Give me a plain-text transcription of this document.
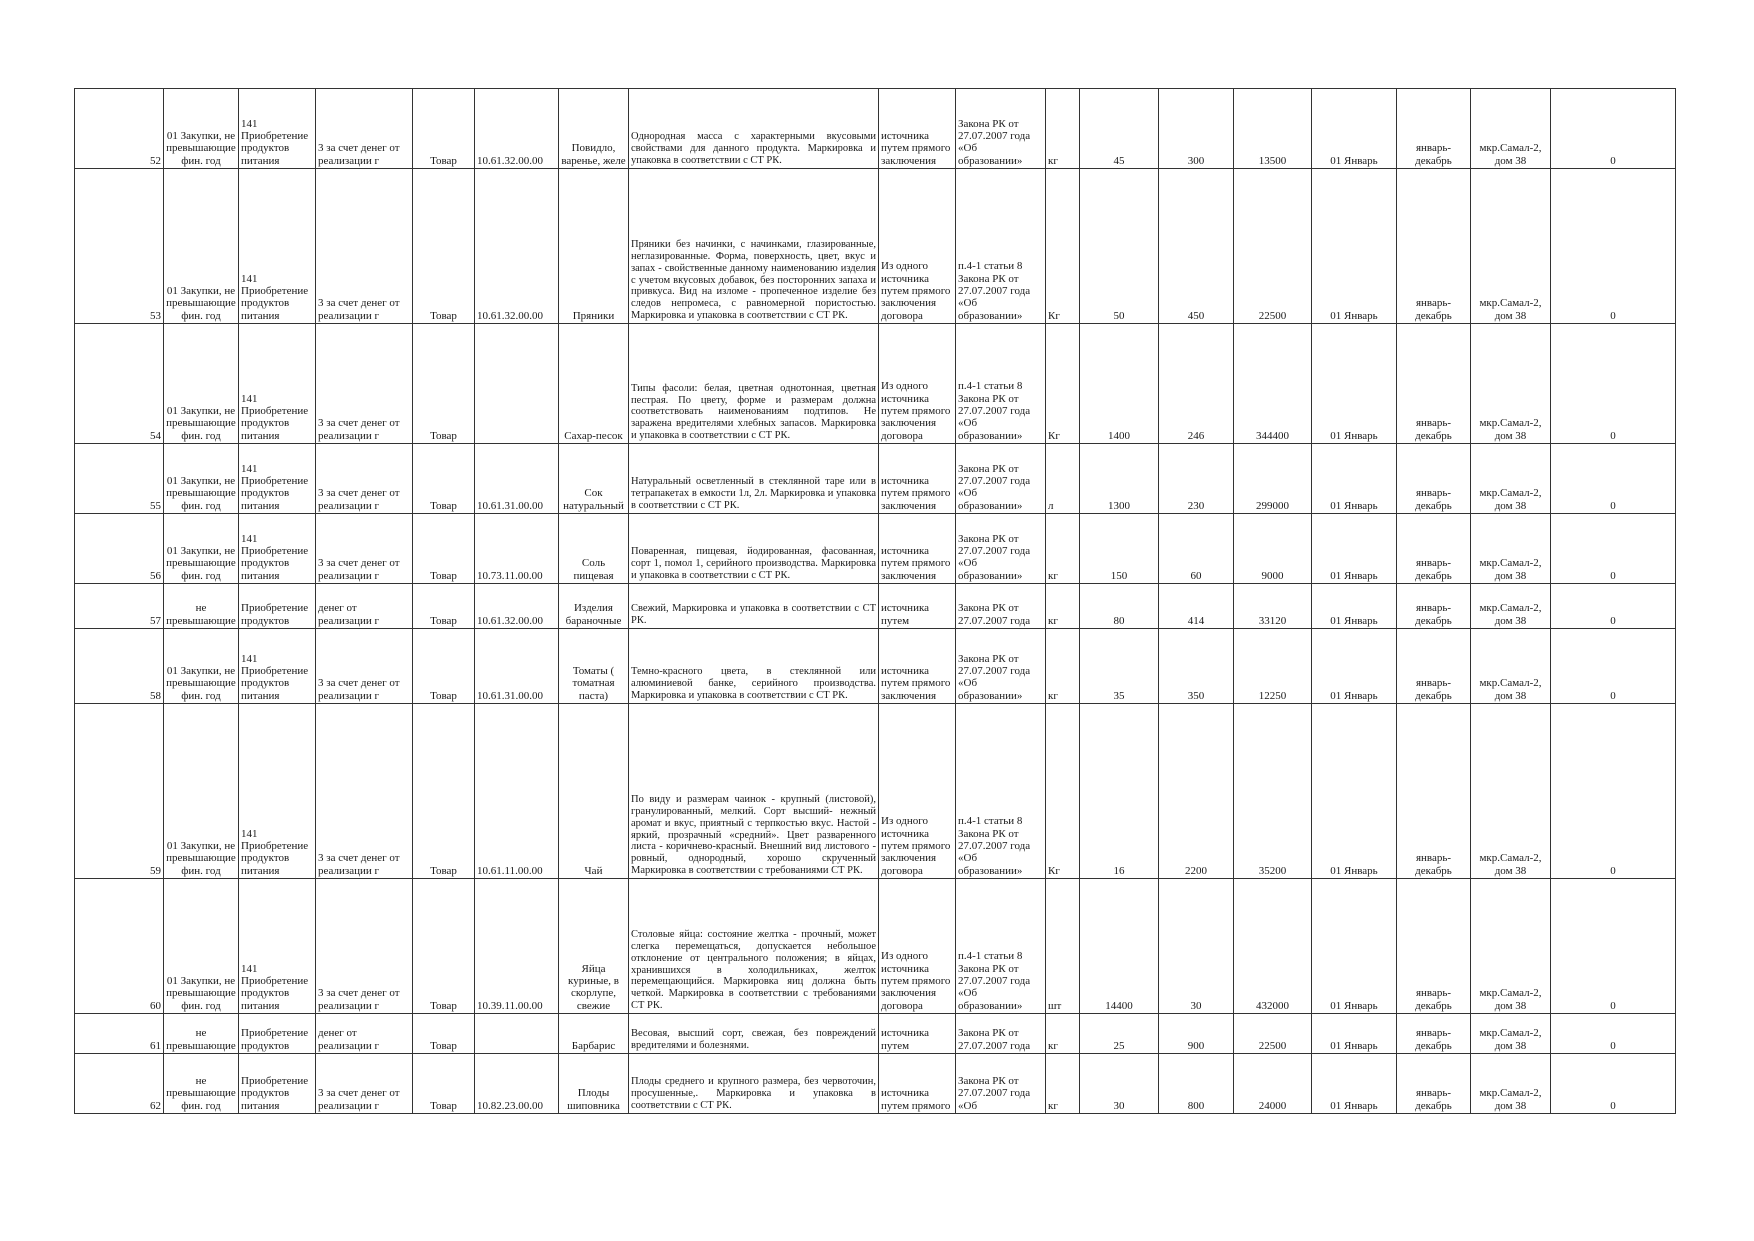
52	01 Закупки, не превышающие фин. год	141 Приобретение продуктов питания	3 за счет денег от реализации г	Товар	10.61.32.00.00	Повидло, варенье, желе	Однородная масса с характерными вкусовыми свойствами для данного продукта. Маркировка и упаковка в соответствии с СТ РК.	источника путем прямого заключения	Закона РК от 27.07.2007 года «Об образовании»	кг	45	300	13500	01 Январь	январь-декабрь	мкр.Самал-2, дом 38	0
53	01 Закупки, не превышающие фин. год	141 Приобретение продуктов питания	3 за счет денег от реализации г	Товар	10.61.32.00.00	Пряники	Пряники без начинки, с начинками, глазированные, неглазированные. Форма, поверхность, цвет, вкус и запах - свойственные данному наименованию изделия с учетом вкусовых добавок, без посторонних запаха и привкуса. Вид на изломе - пропеченное изделие без следов непромеса, с равномерной пористостью. Маркировка и упаковка в соответствии с СТ РК.	Из одного источника путем прямого заключения договора	п.4-1 статьи 8 Закона РК от 27.07.2007 года «Об образовании»	Кг	50	450	22500	01 Январь	январь-декабрь	мкр.Самал-2, дом 38	0
54	01 Закупки, не превышающие фин. год	141 Приобретение продуктов питания	3 за счет денег от реализации г	Товар		Сахар-песок	Типы фасоли: белая, цветная однотонная, цветная пестрая. По цвету, форме и размерам должна соответствовать наименованиям подтипов. Не заражена вредителями хлебных запасов. Маркировка и упаковка в соответствии с СТ РК.	Из одного источника путем прямого заключения договора	п.4-1 статьи 8 Закона РК от 27.07.2007 года «Об образовании»	Кг	1400	246	344400	01 Январь	январь-декабрь	мкр.Самал-2, дом 38	0
55	01 Закупки, не превышающие фин. год	141 Приобретение продуктов питания	3 за счет денег от реализации г	Товар	10.61.31.00.00	Сок натуральный	Натуральный осветленный в стеклянной таре или в тетрапакетах в емкости 1л, 2л. Маркировка и упаковка в соответствии с СТ РК.	источника путем прямого заключения	Закона РК от 27.07.2007 года «Об образовании»	л	1300	230	299000	01 Январь	январь-декабрь	мкр.Самал-2, дом 38	0
56	01 Закупки, не превышающие фин. год	141 Приобретение продуктов питания	3 за счет денег от реализации г	Товар	10.73.11.00.00	Соль пищевая	Поваренная, пищевая, йодированная, фасованная, сорт 1, помол 1, серийного производства. Маркировка и упаковка в соответствии с СТ РК.	источника путем прямого заключения	Закона РК от 27.07.2007 года «Об образовании»	кг	150	60	9000	01 Январь	январь-декабрь	мкр.Самал-2, дом 38	0
57	не превышающие	Приобретение продуктов	денег от реализации г	Товар	10.61.32.00.00	Изделия бараночные	Свежий, Маркировка и упаковка в соответствии с СТ РК.	источника путем	Закона РК от 27.07.2007 года	кг	80	414	33120	01 Январь	январь-декабрь	мкр.Самал-2, дом 38	0
58	01 Закупки, не превышающие фин. год	141 Приобретение продуктов питания	3 за счет денег от реализации г	Товар	10.61.31.00.00	Томаты ( томатная паста)	Темно-красного цвета, в стеклянной или алюминиевой банке, серийного производства. Маркировка и упаковка в соответствии с СТ РК.	источника путем прямого заключения	Закона РК от 27.07.2007 года «Об образовании»	кг	35	350	12250	01 Январь	январь-декабрь	мкр.Самал-2, дом 38	0
59	01 Закупки, не превышающие фин. год	141 Приобретение продуктов питания	3 за счет денег от реализации г	Товар	10.61.11.00.00	Чай	По виду и размерам чаинок - крупный (листовой), гранулированный, мелкий. Сорт высший- нежный аромат и вкус, приятный с терпкостью вкус. Настой - яркий, прозрачный «средний». Цвет разваренного листа - коричнево-красный. Внешний вид листового - ровный, однородный, хорошо скрученный Маркировка в соответствии с требованиями СТ РК.	Из одного источника путем прямого заключения договора	п.4-1 статьи 8 Закона РК от 27.07.2007 года «Об образовании»	Кг	16	2200	35200	01 Январь	январь-декабрь	мкр.Самал-2, дом 38	0
60	01 Закупки, не превышающие фин. год	141 Приобретение продуктов питания	3 за счет денег от реализации г	Товар	10.39.11.00.00	Яйца куриные, в скорлупе, свежие	Столовые яйца: состояние желтка - прочный, может слегка перемещаться, допускается небольшое отклонение от центрального положения; в яйцах, хранившихся в холодильниках, желток перемещающийся. Маркировка яиц должна быть четкой. Маркировка в соответствии с требованиями СТ РК.	Из одного источника путем прямого заключения договора	п.4-1 статьи 8 Закона РК от 27.07.2007 года «Об образовании»	шт	14400	30	432000	01 Январь	январь-декабрь	мкр.Самал-2, дом 38	0
61	не превышающие	Приобретение продуктов	денег от реализации г	Товар		Барбарис	Весовая, высший сорт, свежая, без повреждений вредителями и болезнями.	источника путем	Закона РК от 27.07.2007 года	кг	25	900	22500	01 Январь	январь-декабрь	мкр.Самал-2, дом 38	0
62	не превышающие фин. год	Приобретение продуктов питания	3 за счет денег от реализации г	Товар	10.82.23.00.00	Плоды шиповника	Плоды среднего и крупного размера, без червоточин, просушенные,. Маркировка и упаковка в соответствии с СТ РК.	источника путем прямого	Закона РК от 27.07.2007 года «Об	кг	30	800	24000	01 Январь	январь-декабрь	мкр.Самал-2, дом 38	0
